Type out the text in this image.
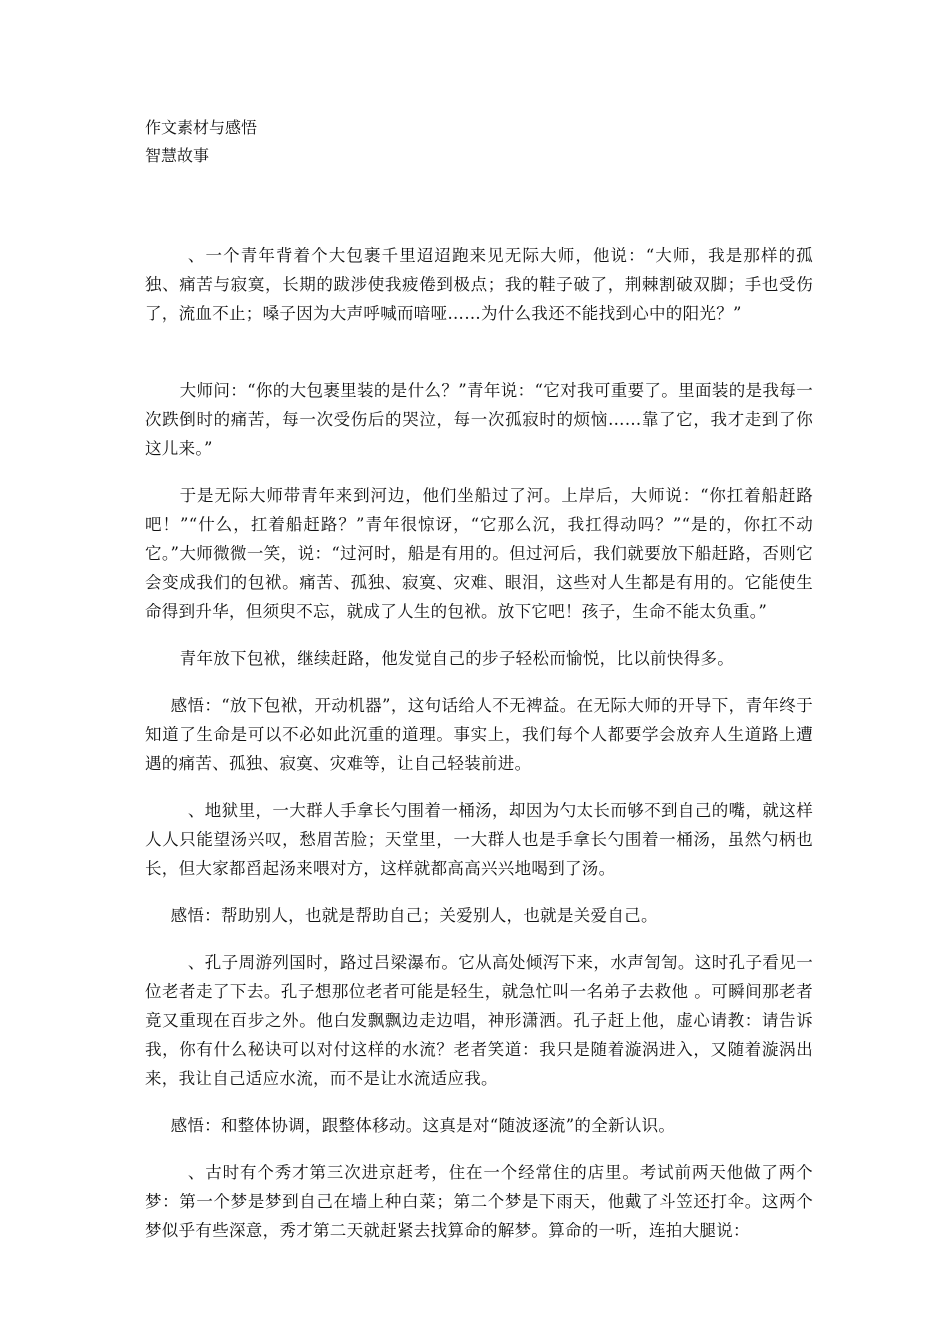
作文素材与感悟

智慧故事

、一个青年背着个大包裹千里迢迢跑来见无际大师，他说：“大师，我是那样的孤独、痛苦与寂寞，长期的跋涉使我疲倦到极点；我的鞋子破了，荆棘割破双脚；手也受伤了，流血不止；嗓子因为大声呼喊而喑哑……为什么我还不能找到心中的阳光？”

大师问：“你的大包裹里装的是什么？”青年说：“它对我可重要了。里面装的是我每一次跌倒时的痛苦，每一次受伤后的哭泣，每一次孤寂时的烦恼……靠了它，我才走到了你这儿来。”

于是无际大师带青年来到河边，他们坐船过了河。上岸后，大师说：“你扛着船赶路吧！”“什么，扛着船赶路？”青年很惊讶，“它那么沉，我扛得动吗？”“是的，你扛不动它。”大师微微一笑，说：“过河时，船是有用的。但过河后，我们就要放下船赶路，否则它会变成我们的包袱。痛苦、孤独、寂寞、灾难、眼泪，这些对人生都是有用的。它能使生命得到升华，但须臾不忘，就成了人生的包袱。放下它吧！孩子，生命不能太负重。”

青年放下包袱，继续赶路，他发觉自己的步子轻松而愉悦，比以前快得多。

感悟：“放下包袱，开动机器”，这句话给人不无裨益。在无际大师的开导下，青年终于知道了生命是可以不必如此沉重的道理。事实上，我们每个人都要学会放弃人生道路上遭遇的痛苦、孤独、寂寞、灾难等，让自己轻装前进。

、地狱里，一大群人手拿长勺围着一桶汤，却因为勺太长而够不到自己的嘴，就这样人人只能望汤兴叹，愁眉苦脸；天堂里，一大群人也是手拿长勺围着一桶汤，虽然勺柄也长，但大家都舀起汤来喂对方，这样就都高高兴兴地喝到了汤。

感悟：帮助别人，也就是帮助自己；关爱别人，也就是关爱自己。

、孔子周游列国时，路过吕梁瀑布。它从高处倾泻下来，水声訇訇。这时孔子看见一位老者走了下去。孔子想那位老者可能是轻生，就急忙叫一名弟子去救他 。可瞬间那老者竟又重现在百步之外。他白发飘飘边走边唱，神形潇洒。孔子赶上他，虚心请教：请告诉我，你有什么秘诀可以对付这样的水流？老者笑道：我只是随着漩涡进入，又随着漩涡出来，我让自己适应水流，而不是让水流适应我。

感悟：和整体协调，跟整体移动。这真是对“随波逐流”的全新认识。

、古时有个秀才第三次进京赶考，住在一个经常住的店里。考试前两天他做了两个梦：第一个梦是梦到自己在墙上种白菜；第二个梦是下雨天，他戴了斗笠还打伞。这两个梦似乎有些深意，秀才第二天就赶紧去找算命的解梦。算命的一听，连拍大腿说：
